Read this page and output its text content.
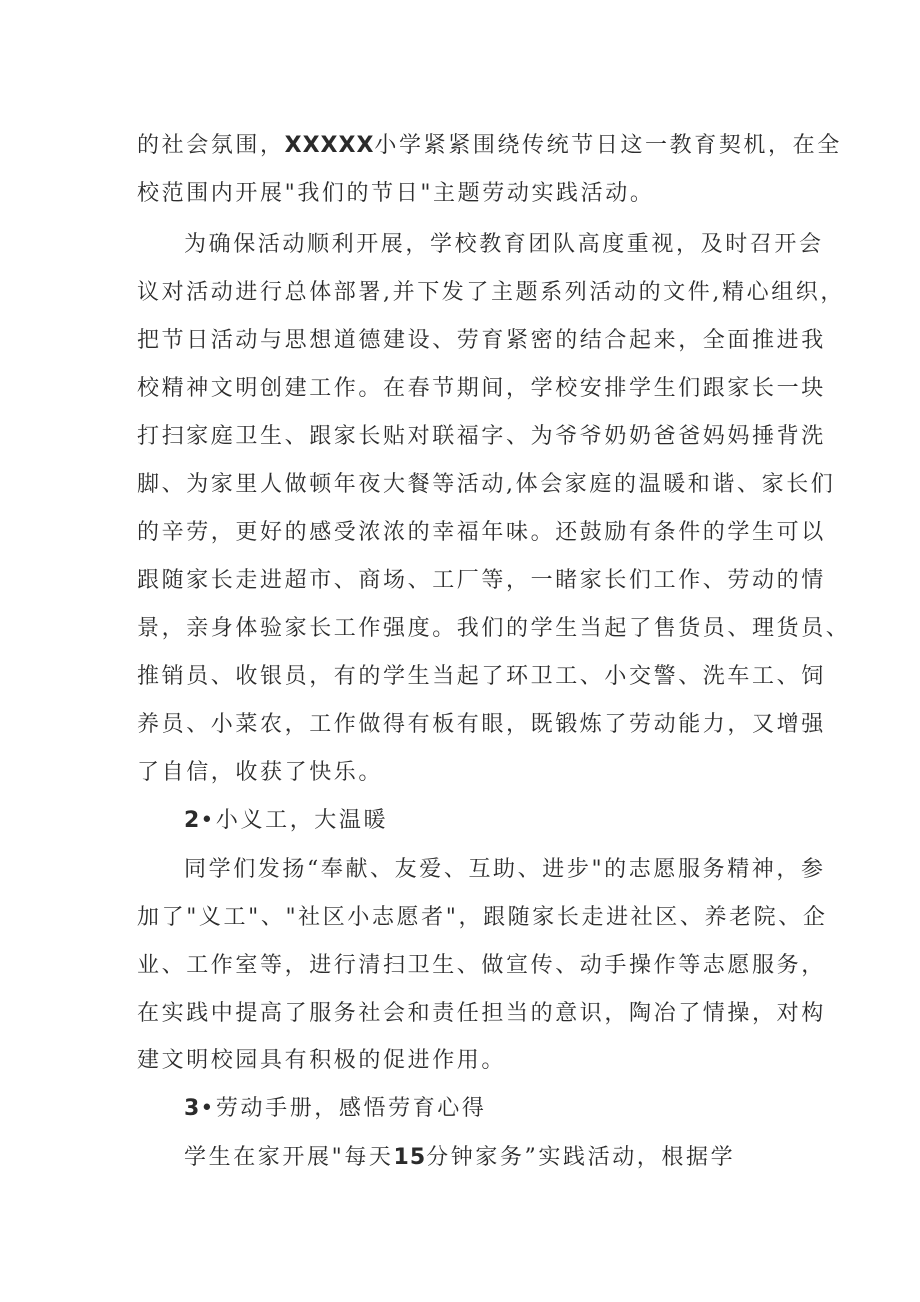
的社会氛围，XXXXX小学紧紧围绕传统节日这一教育契机，在全
校范围内开展"我们的节日"主题劳动实践活动。
为确保活动顺利开展，学校教育团队高度重视，及时召开会
议对活动进行总体部署,并下发了主题系列活动的文件,精心组织，
把节日活动与思想道德建设、劳育紧密的结合起来，全面推进我
校精神文明创建工作。在春节期间，学校安排学生们跟家长一块
打扫家庭卫生、跟家长贴对联福字、为爷爷奶奶爸爸妈妈捶背洗
脚、为家里人做顿年夜大餐等活动,体会家庭的温暖和谐、家长们
的辛劳，更好的感受浓浓的幸福年味。还鼓励有条件的学生可以
跟随家长走进超市、商场、工厂等，一睹家长们工作、劳动的情
景，亲身体验家长工作强度。我们的学生当起了售货员、理货员、
推销员、收银员，有的学生当起了环卫工、小交警、洗车工、饲
养员、小菜农，工作做得有板有眼，既锻炼了劳动能力，又增强
了自信，收获了快乐。
2•小义工，大温暖
同学们发扬“奉献、友爱、互助、进步"的志愿服务精神，参
加了"义工"、"社区小志愿者"，跟随家长走进社区、养老院、企
业、工作室等，进行清扫卫生、做宣传、动手操作等志愿服务，
在实践中提高了服务社会和责任担当的意识，陶冶了情操，对构
建文明校园具有积极的促进作用。
3•劳动手册，感悟劳育心得
学生在家开展"每天15分钟家务”实践活动，根据学
